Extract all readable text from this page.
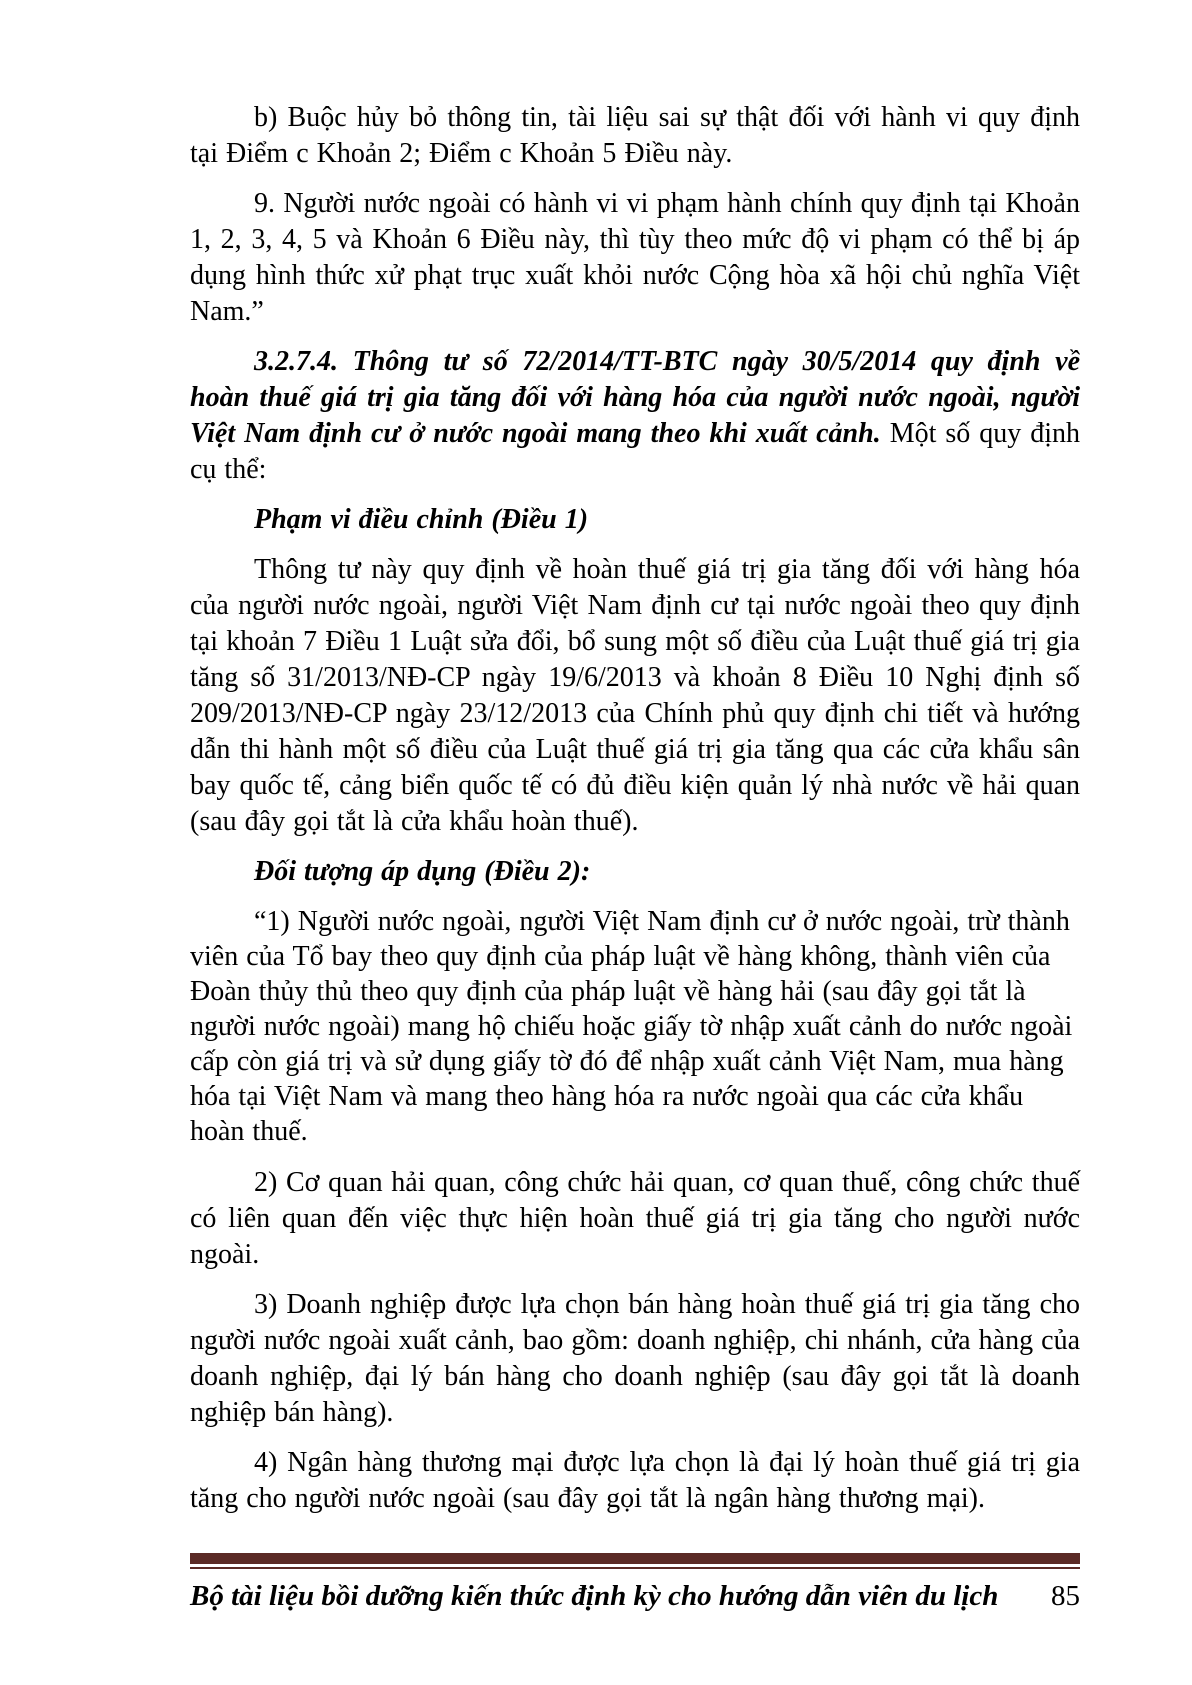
b) Buộc hủy bỏ thông tin, tài liệu sai sự thật đối với hành vi quy định tại Điểm c Khoản 2; Điểm c Khoản 5 Điều này.

9. Người nước ngoài có hành vi vi phạm hành chính quy định tại Khoản 1, 2, 3, 4, 5 và Khoản 6 Điều này, thì tùy theo mức độ vi phạm có thể bị áp dụng hình thức xử phạt trục xuất khỏi nước Cộng hòa xã hội chủ nghĩa Việt Nam.”

3.2.7.4. Thông tư số 72/2014/TT-BTC ngày 30/5/2014 quy định về hoàn thuế giá trị gia tăng đối với hàng hóa của người nước ngoài, người Việt Nam định cư ở nước ngoài mang theo khi xuất cảnh. Một số quy định cụ thể:

Phạm vi điều chỉnh (Điều 1)

Thông tư này quy định về hoàn thuế giá trị gia tăng đối với hàng hóa của người nước ngoài, người Việt Nam định cư tại nước ngoài theo quy định tại khoản 7 Điều 1 Luật sửa đổi, bổ sung một số điều của Luật thuế giá trị gia tăng số 31/2013/NĐ-CP ngày 19/6/2013 và khoản 8 Điều 10 Nghị định số 209/2013/NĐ-CP ngày 23/12/2013 của Chính phủ quy định chi tiết và hướng dẫn thi hành một số điều của Luật thuế giá trị gia tăng qua các cửa khẩu sân bay quốc tế, cảng biển quốc tế có đủ điều kiện quản lý nhà nước về hải quan (sau đây gọi tắt là cửa khẩu hoàn thuế).

Đối tượng áp dụng (Điều 2):

“1) Người nước ngoài, người Việt Nam định cư ở nước ngoài, trừ thành viên của Tổ bay theo quy định của pháp luật về hàng không, thành viên của Đoàn thủy thủ theo quy định của pháp luật về hàng hải (sau đây gọi tắt là người nước ngoài) mang hộ chiếu hoặc giấy tờ nhập xuất cảnh do nước ngoài cấp còn giá trị và sử dụng giấy tờ đó để nhập xuất cảnh Việt Nam, mua hàng hóa tại Việt Nam và mang theo hàng hóa ra nước ngoài qua các cửa khẩu hoàn thuế.

2) Cơ quan hải quan, công chức hải quan, cơ quan thuế, công chức thuế có liên quan đến việc thực hiện hoàn thuế giá trị gia tăng cho người nước ngoài.

3) Doanh nghiệp được lựa chọn bán hàng hoàn thuế giá trị gia tăng cho người nước ngoài xuất cảnh, bao gồm: doanh nghiệp, chi nhánh, cửa hàng của doanh nghiệp, đại lý bán hàng cho doanh nghiệp (sau đây gọi tắt là doanh nghiệp bán hàng).

4) Ngân hàng thương mại được lựa chọn là đại lý hoàn thuế giá trị gia tăng cho người nước ngoài (sau đây gọi tắt là ngân hàng thương mại).

Bộ tài liệu bồi dưỡng kiến thức định kỳ cho hướng dẫn viên du lịch 85
